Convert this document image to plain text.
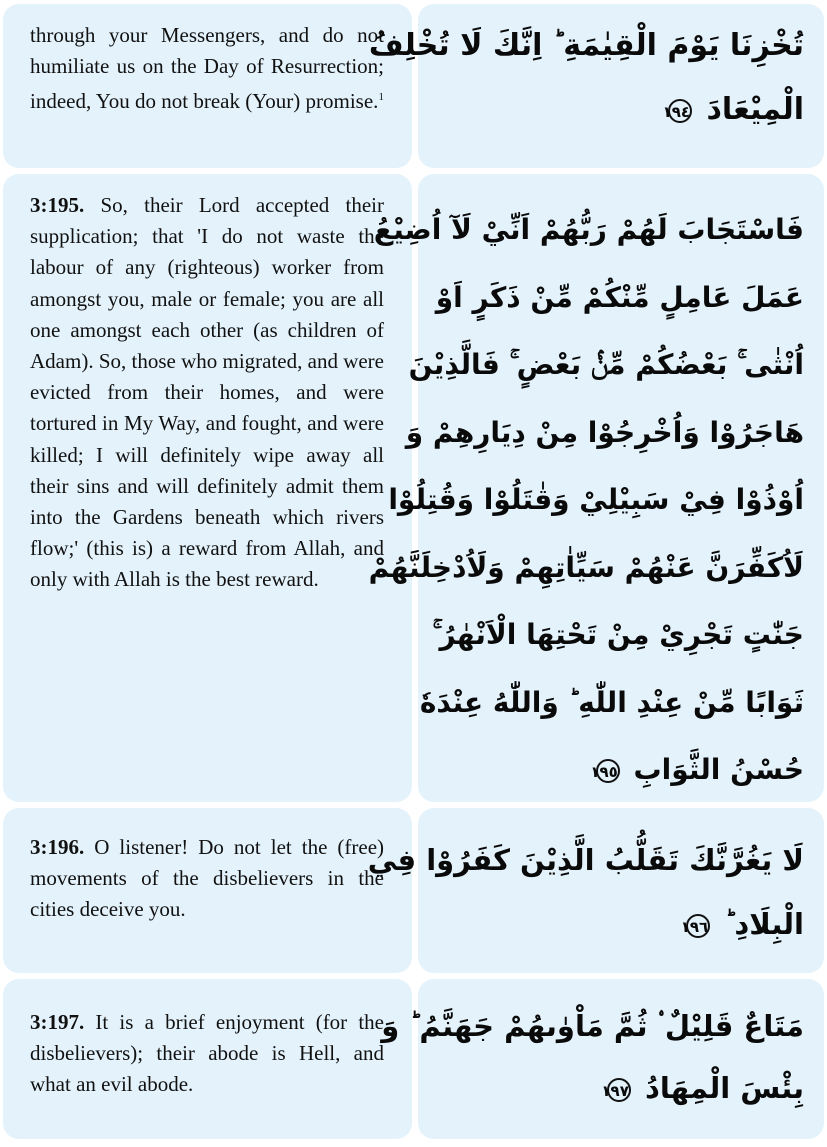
through your Messengers, and do not humiliate us on the Day of Resurrection; indeed, You do not break (Your) promise.$^1$
تُخْزِنَا يَوْمَ الْقِيٰمَةِ ؕ اِنَّكَ لَا تُخْلِفُ
الْمِيْعَادَ ١٩٤
3:195. So, their Lord accepted their supplication; that 'I do not waste the labour of any (righteous) worker from amongst you, male or female; you are all one amongst each other (as children of Adam). So, those who migrated, and were evicted from their homes, and were tortured in My Way, and fought, and were killed; I will definitely wipe away all their sins and will definitely admit them into the Gardens beneath which rivers flow;' (this is) a reward from Allah, and only with Allah is the best reward.
فَاسْتَجَابَ لَهُمْ رَبُّهُمْ اَنِّيْ لَآ اُضِيْعُ
عَمَلَ عَامِلٍ مِّنْكُمْ مِّنْ ذَكَرٍ اَوْ
اُنْثٰى ۚ بَعْضُكُمْ مِّنْۢ بَعْضٍ ۚ فَالَّذِيْنَ
هَاجَرُوْا وَاُخْرِجُوْا مِنْ دِيَارِهِمْ وَ
اُوْذُوْا فِيْ سَبِيْلِيْ وَقٰتَلُوْا وَقُتِلُوْا
لَاُكَفِّرَنَّ عَنْهُمْ سَيِّاٰتِهِمْ وَلَاُدْخِلَنَّهُمْ
جَنّٰتٍ تَجْرِيْ مِنْ تَحْتِهَا الْاَنْهٰرُ ۚ
ثَوَابًا مِّنْ عِنْدِ اللّٰهِ ؕ وَاللّٰهُ عِنْدَهٗ
حُسْنُ الثَّوَابِ ١٩٥
3:196. O listener! Do not let the (free) movements of the disbelievers in the cities deceive you.
لَا يَغُرَّنَّكَ تَقَلُّبُ الَّذِيْنَ كَفَرُوْا فِي
الْبِلَادِ ؕ ١٩٦
3:197. It is a brief enjoyment (for the disbelievers); their abode is Hell, and what an evil abode.
مَتَاعٌ قَلِيْلٌ ۟ ثُمَّ مَاْوٰىهُمْ جَهَنَّمُ ؕ وَ
بِئْسَ الْمِهَادُ ١٩٧
